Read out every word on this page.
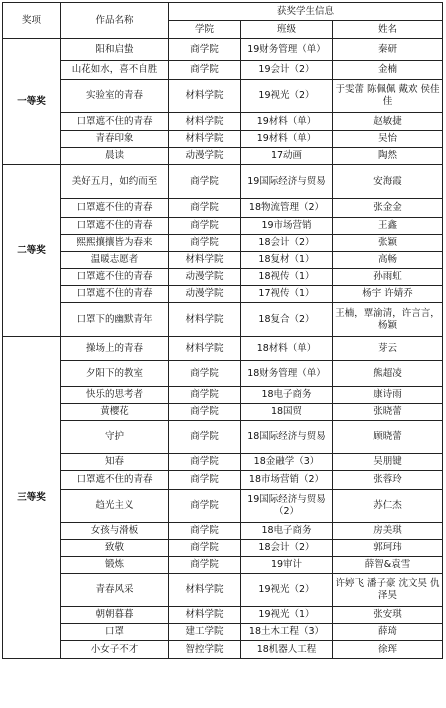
奖项	作品名称	获奖学生信息		
		学院	班级	姓名
一等奖	阳和启蛰	商学院	19财务管理（单）	秦研
	山花如水，喜不自胜	商学院	19会计（2）	金楠
	实验室的青春	材料学院	19视光（2）	于雯蕾 陈佩佩 戴欢 侯佳佳
	口罩遮不住的青春	材料学院	19材料（单）	赵敏捷
	青春印象	材料学院	19材料（单）	吴怡
	晨读	动漫学院	17动画	陶然
二等奖	美好五月，如约而至	商学院	19国际经济与贸易	安海霞
	口罩遮不住的青春	商学院	18物流管理（2）	张金金
	口罩遮不住的青春	商学院	19市场营销	王鑫
	熙熙攘攘皆为春来	商学院	18会计（2）	张颖
	温暖志愿者	材料学院	18复材（1）	高畅
	口罩遮不住的青春	动漫学院	18视传（1）	孙雨虹
	口罩遮不住的青春	动漫学院	17视传（1）	杨宇 许婧乔
	口罩下的幽默青年	材料学院	18复合（2）	王楠，覃渝清，许言言，杨颖
三等奖	操场上的青春	材料学院	18材料（单）	芽云
	夕阳下的教室	商学院	18财务管理（单）	熊超凌
	快乐的思考者	商学院	18电子商务	康诗雨
	黄樱花	商学院	18国贸	张晓蕾
	守护	商学院	18国际经济与贸易	顾晓蕾
	知春	商学院	18金融学（3）	吴朋键
	口罩遮不住的青春	商学院	18市场营销（2）	张蓉玲
	趋光主义	商学院	19国际经济与贸易（2）	苏仁杰
	女孩与滑板	商学院	18电子商务	房美琪
	致敬	商学院	18会计（2）	郭珂玮
	锻炼	商学院	19审计	薛智&袁雪
	青春风采	材料学院	19视光（2）	许婷飞 潘子豪 沈文昊 仇泽昊
	朝朝暮暮	材料学院	19视光（1）	张安琪
	口罩	建工学院	18土木工程（3）	薛琦
	小女子不才	智控学院	18机器人工程	徐珲
